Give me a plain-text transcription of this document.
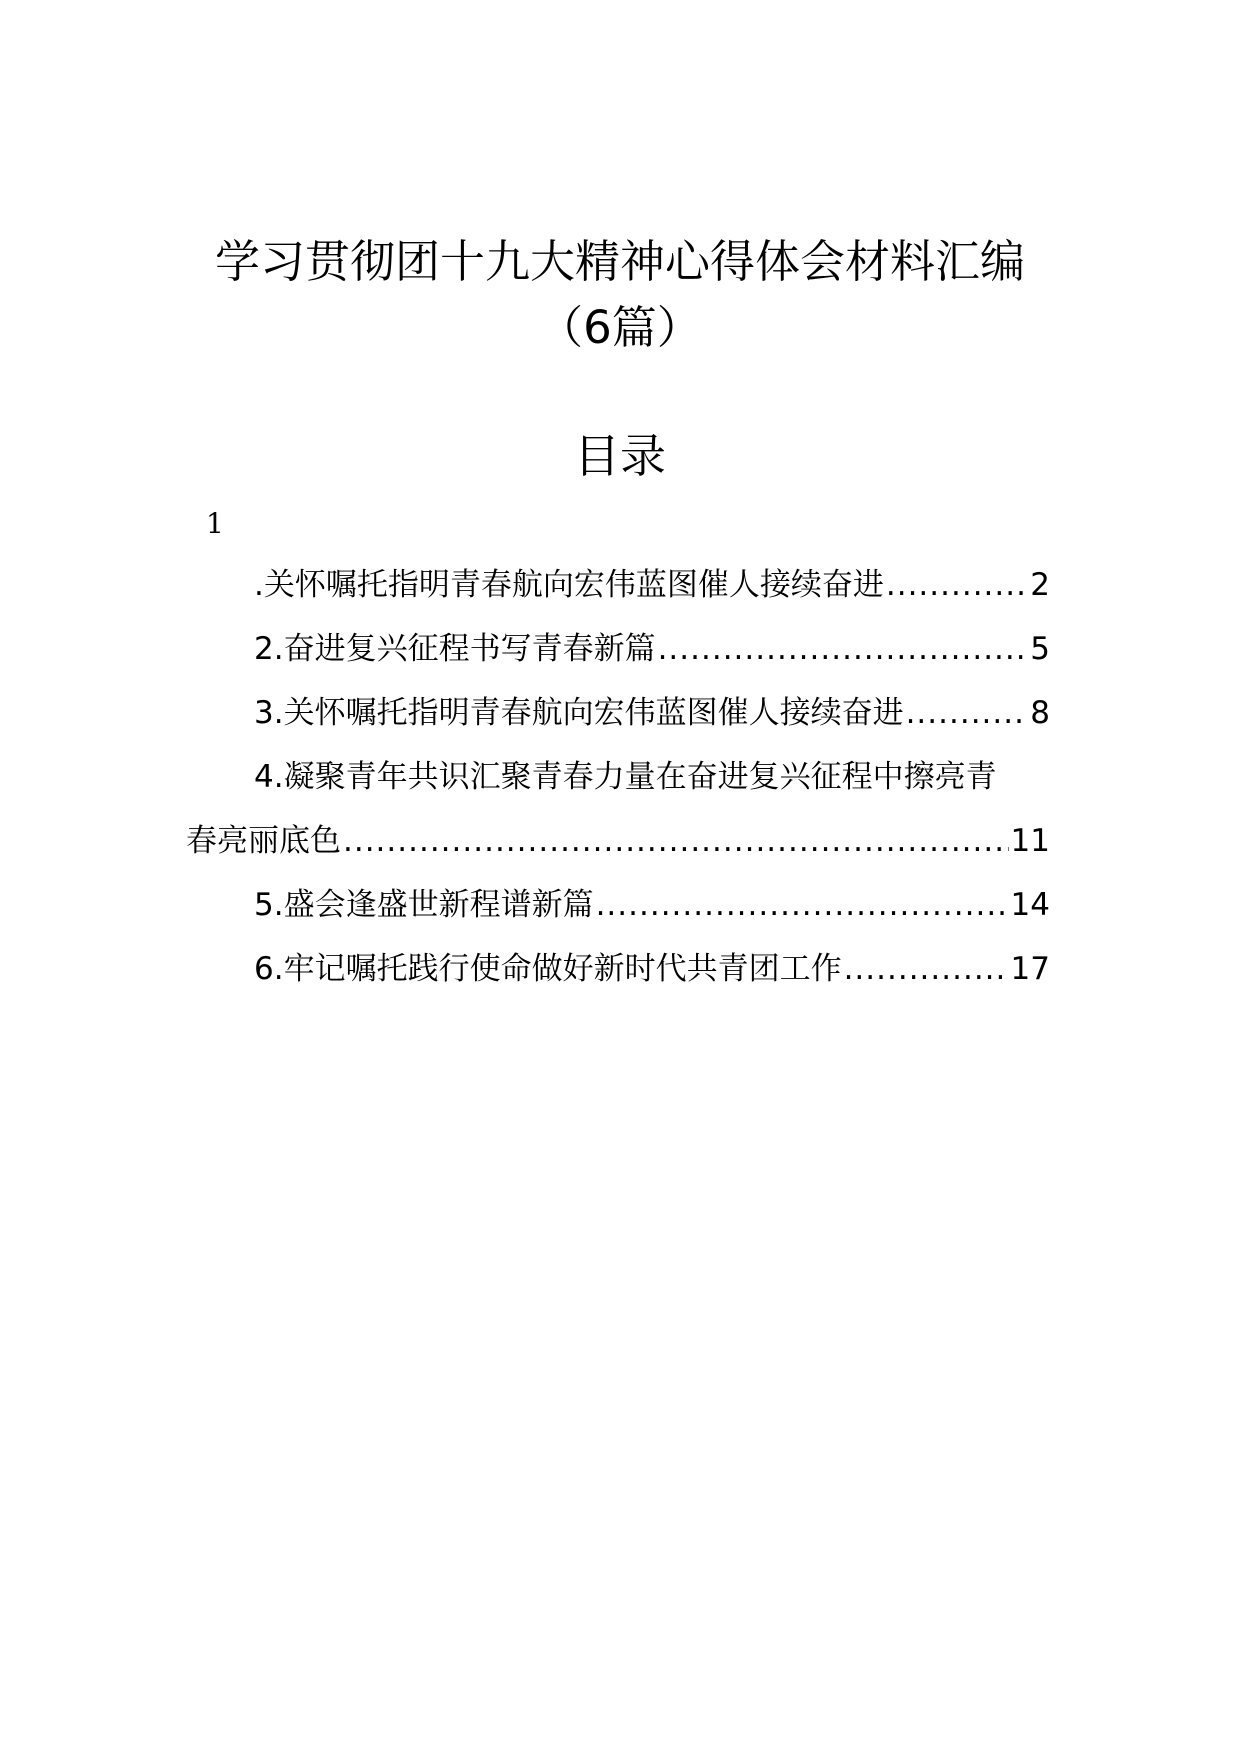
学习贯彻团十九大精神心得体会材料汇编
（6篇）
目录
1
.关怀嘱托指明青春航向宏伟蓝图催人接续奋进 .....	2
2.奋进复兴征程书写青春新篇 .....	5
3.关怀嘱托指明青春航向宏伟蓝图催人接续奋进 .....	8
4.凝聚青年共识汇聚青春力量在奋进复兴征程中擦亮青
春亮丽底色 .....	11
5.盛会逢盛世新程谱新篇 .....	14
6.牢记嘱托践行使命做好新时代共青团工作 .....	17
